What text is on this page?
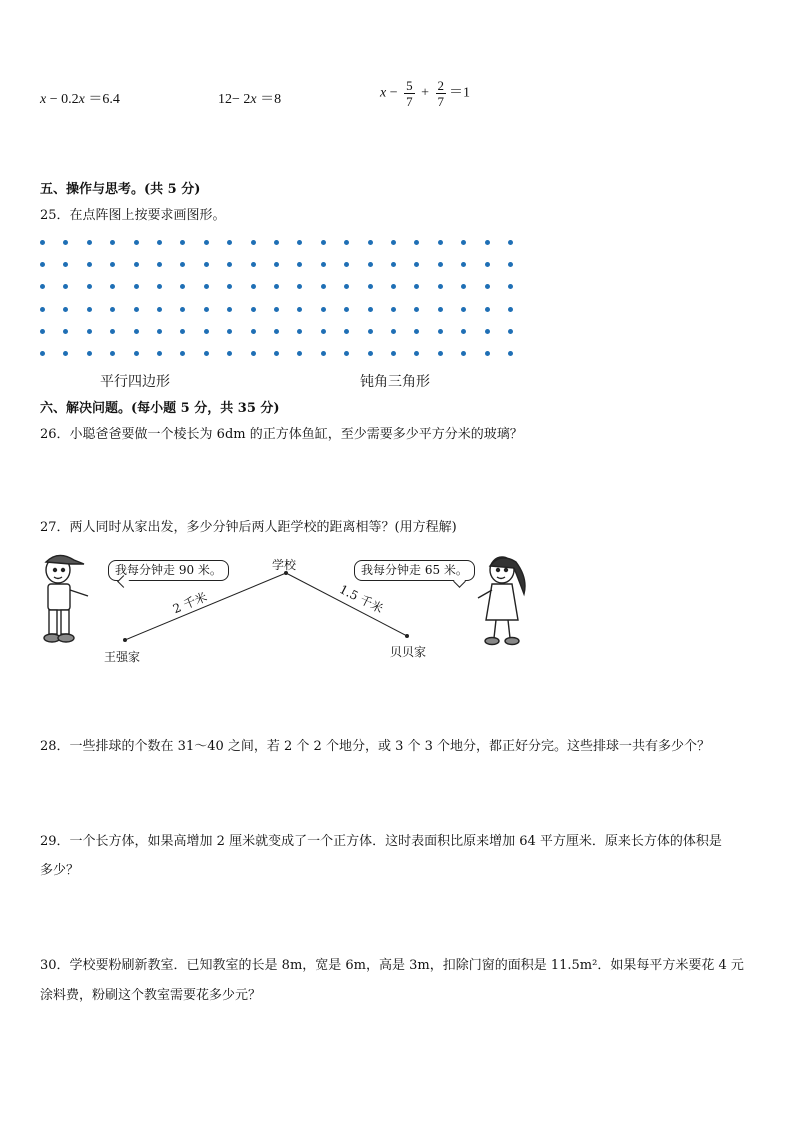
x − 0.2x ＝6.4	12− 2x ＝8	$x - \frac{5}{7} + \frac{2}{7} =1$
五、操作与思考。(共 5 分)
25．在点阵图上按要求画图形。
平行四边形	钝角三角形
六、解决问题。(每小题 5 分，共 35 分)
26．小聪爸爸要做一个棱长为 6dm 的正方体鱼缸，至少需要多少平方分米的玻璃？
27．两人同时从家出发，多少分钟后两人距学校的距离相等？(用方程解)
我每分钟走 90 米。	我每分钟走 65 米。
学校
2 千米	1.5 千米
王强家	贝贝家
28．一些排球的个数在 31～40 之间，若 2 个 2 个地分，或 3 个 3 个地分，都正好分完。这些排球一共有多少个？
29．一个长方体，如果高增加 2 厘米就变成了一个正方体．这时表面积比原来增加 64 平方厘米．原来长方体的体积是
多少？
30．学校要粉刷新教室．已知教室的长是 8m，宽是 6m，高是 3m，扣除门窗的面积是 11.5m²．如果每平方米要花 4 元
涂料费，粉刷这个教室需要花多少元？
